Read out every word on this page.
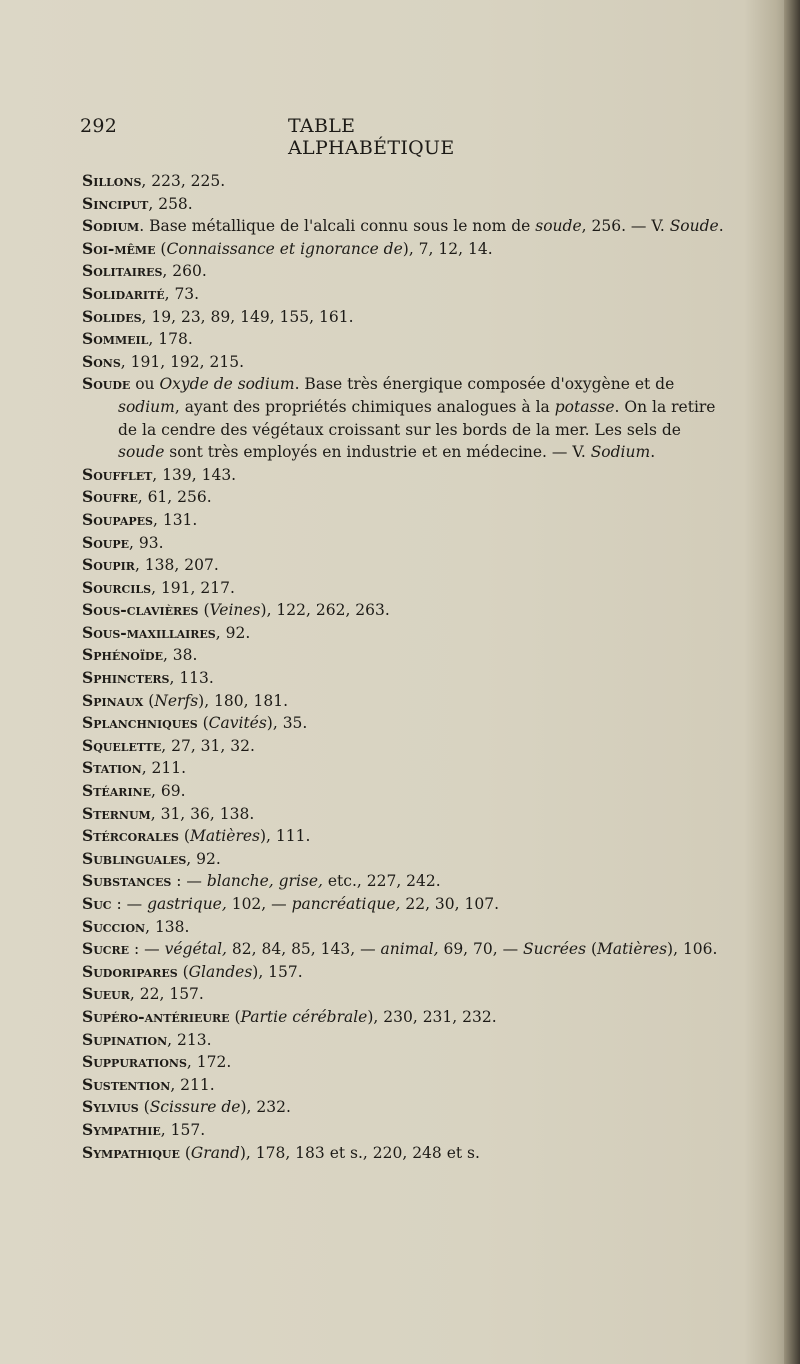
292	TABLE ALPHABÉTIQUE

Sillons, 223, 225.

Sinciput, 258.

Sodium. Base métallique de l'alcali connu sous le nom de soude, 256. — V. Soude.

Soi-même (Connaissance et ignorance de), 7, 12, 14.

Solitaires, 260.

Solidarité, 73.

Solides, 19, 23, 89, 149, 155, 161.

Sommeil, 178.

Sons, 191, 192, 215.

Soude ou Oxyde de sodium. Base très énergique composée d'oxygène et de sodium, ayant des propriétés chimiques analogues à la potasse. On la retire de la cendre des végétaux croissant sur les bords de la mer. Les sels de soude sont très employés en industrie et en médecine. — V. Sodium.

Soufflet, 139, 143.

Soufre, 61, 256.

Soupapes, 131.

Soupe, 93.

Soupir, 138, 207.

Sourcils, 191, 217.

Sous-clavières (Veines), 122, 262, 263.

Sous-maxillaires, 92.

Sphénoïde, 38.

Sphincters, 113.

Spinaux (Nerfs), 180, 181.

Splanchniques (Cavités), 35.

Squelette, 27, 31, 32.

Station, 211.

Stéarine, 69.

Sternum, 31, 36, 138.

Stércorales (Matières), 111.

Sublinguales, 92.

Substances : — blanche, grise, etc., 227, 242.

Suc : — gastrique, 102, — pancréatique, 22, 30, 107.

Succion, 138.

Sucre : — végétal, 82, 84, 85, 143, — animal, 69, 70, — Sucrées (Matières), 106.

Sudoripares (Glandes), 157.

Sueur, 22, 157.

Supéro-antérieure (Partie cérébrale), 230, 231, 232.

Supination, 213.

Suppurations, 172.

Sustention, 211.

Sylvius (Scissure de), 232.

Sympathie, 157.

Sympathique (Grand), 178, 183 et s., 220, 248 et s.
